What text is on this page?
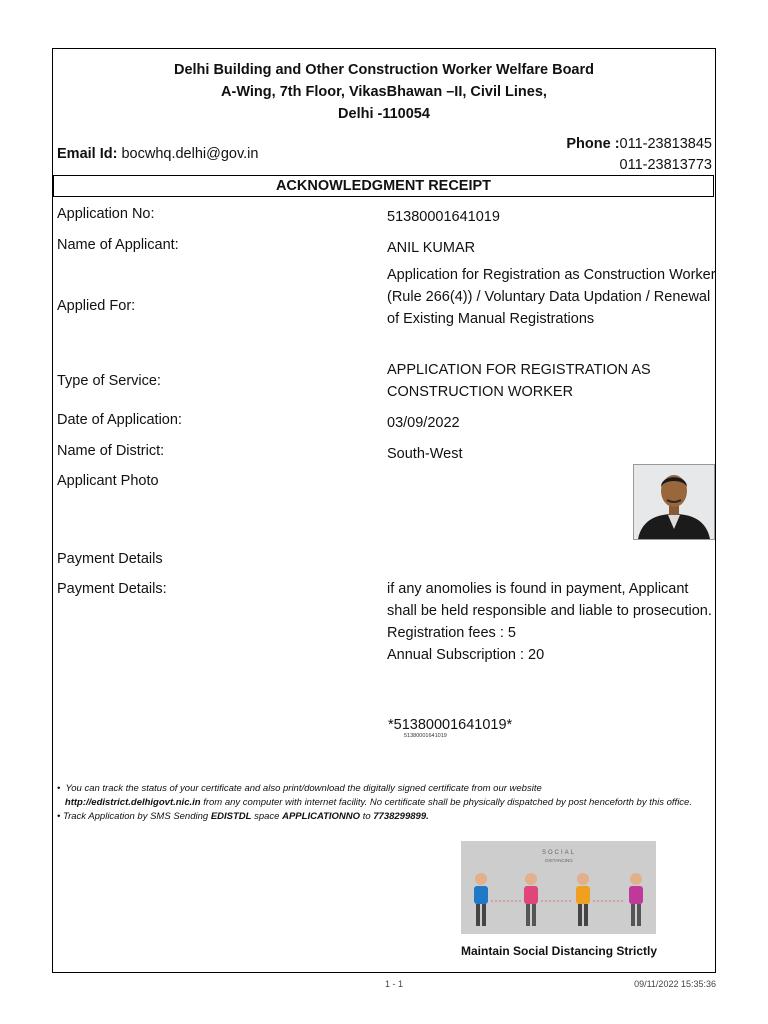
Delhi Building and Other Construction Worker Welfare Board
A-Wing, 7th Floor, VikasBhawan –II, Civil Lines,
Delhi -110054
Email Id: bocwhq.delhi@gov.in
Phone :011-23813845
011-23813773
ACKNOWLEDGMENT RECEIPT
Application No:	51380001641019
Name of Applicant:	ANIL KUMAR
Applied For:
Application for Registration as Construction Worker (Rule 266(4)) / Voluntary Data Updation / Renewal of Existing Manual Registrations
Type of Service:
APPLICATION FOR REGISTRATION AS CONSTRUCTION WORKER
Date of Application:	03/09/2022
Name of District:	South-West
Applicant Photo
Payment Details
Payment Details:	if any anomolies is found in payment, Applicant shall be held responsible and liable to prosecution.
Registration fees : 5
Annual Subscription : 20
*51380001641019*
51380001641019

• You can track the status of your certificate and also print/download the digitally signed certificate from our website
http://edistrict.delhigovt.nic.in from any computer with internet facility. No certificate shall be physically dispatched by post henceforth by this office.

• Track Application by SMS Sending EDISTDL space APPLICATIONNO to 7738299899.

SOCIAL
DISTANCING
Maintain Social Distancing Strictly
1 - 1	09/11/2022 15:35:36
